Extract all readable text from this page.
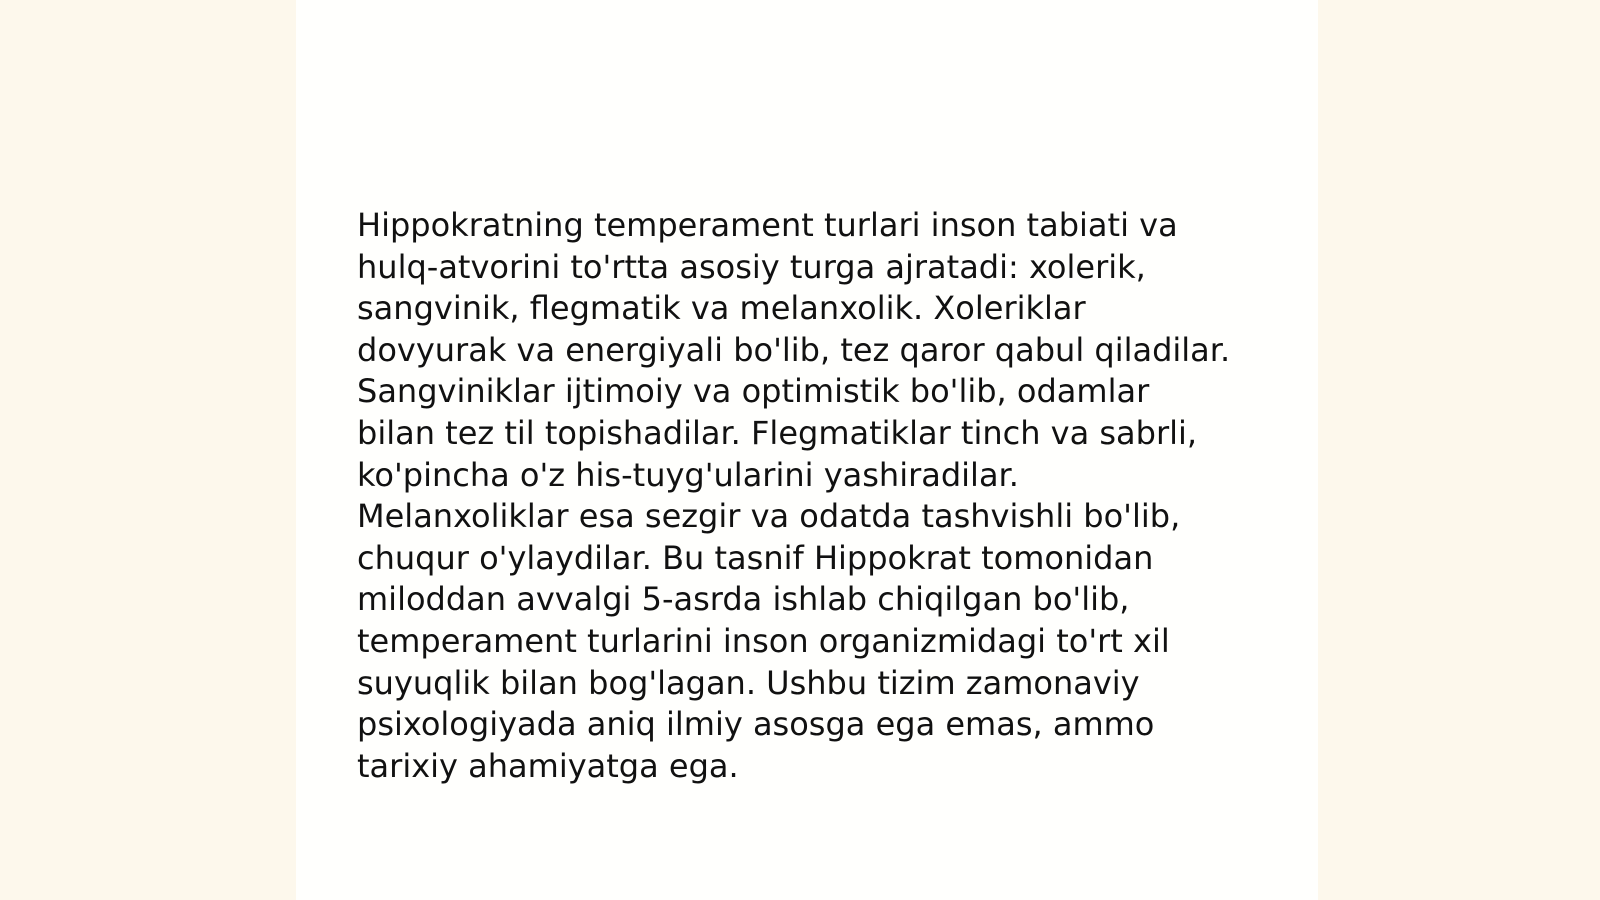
Hippokratning temperament turlari inson tabiati va
hulq-atvorini to'rtta asosiy turga ajratadi: xolerik,
sangvinik, flegmatik va melanxolik. Xoleriklar
dovyurak va energiyali bo'lib, tez qaror qabul qiladilar.
Sangviniklar ijtimoiy va optimistik bo'lib, odamlar
bilan tez til topishadilar. Flegmatiklar tinch va sabrli,
ko'pincha o'z his-tuyg'ularini yashiradilar.
Melanxoliklar esa sezgir va odatda tashvishli bo'lib,
chuqur o'ylaydilar. Bu tasnif Hippokrat tomonidan
miloddan avvalgi 5-asrda ishlab chiqilgan bo'lib,
temperament turlarini inson organizmidagi to'rt xil
suyuqlik bilan bog'lagan. Ushbu tizim zamonaviy
psixologiyada aniq ilmiy asosga ega emas, ammo
tarixiy ahamiyatga ega.
